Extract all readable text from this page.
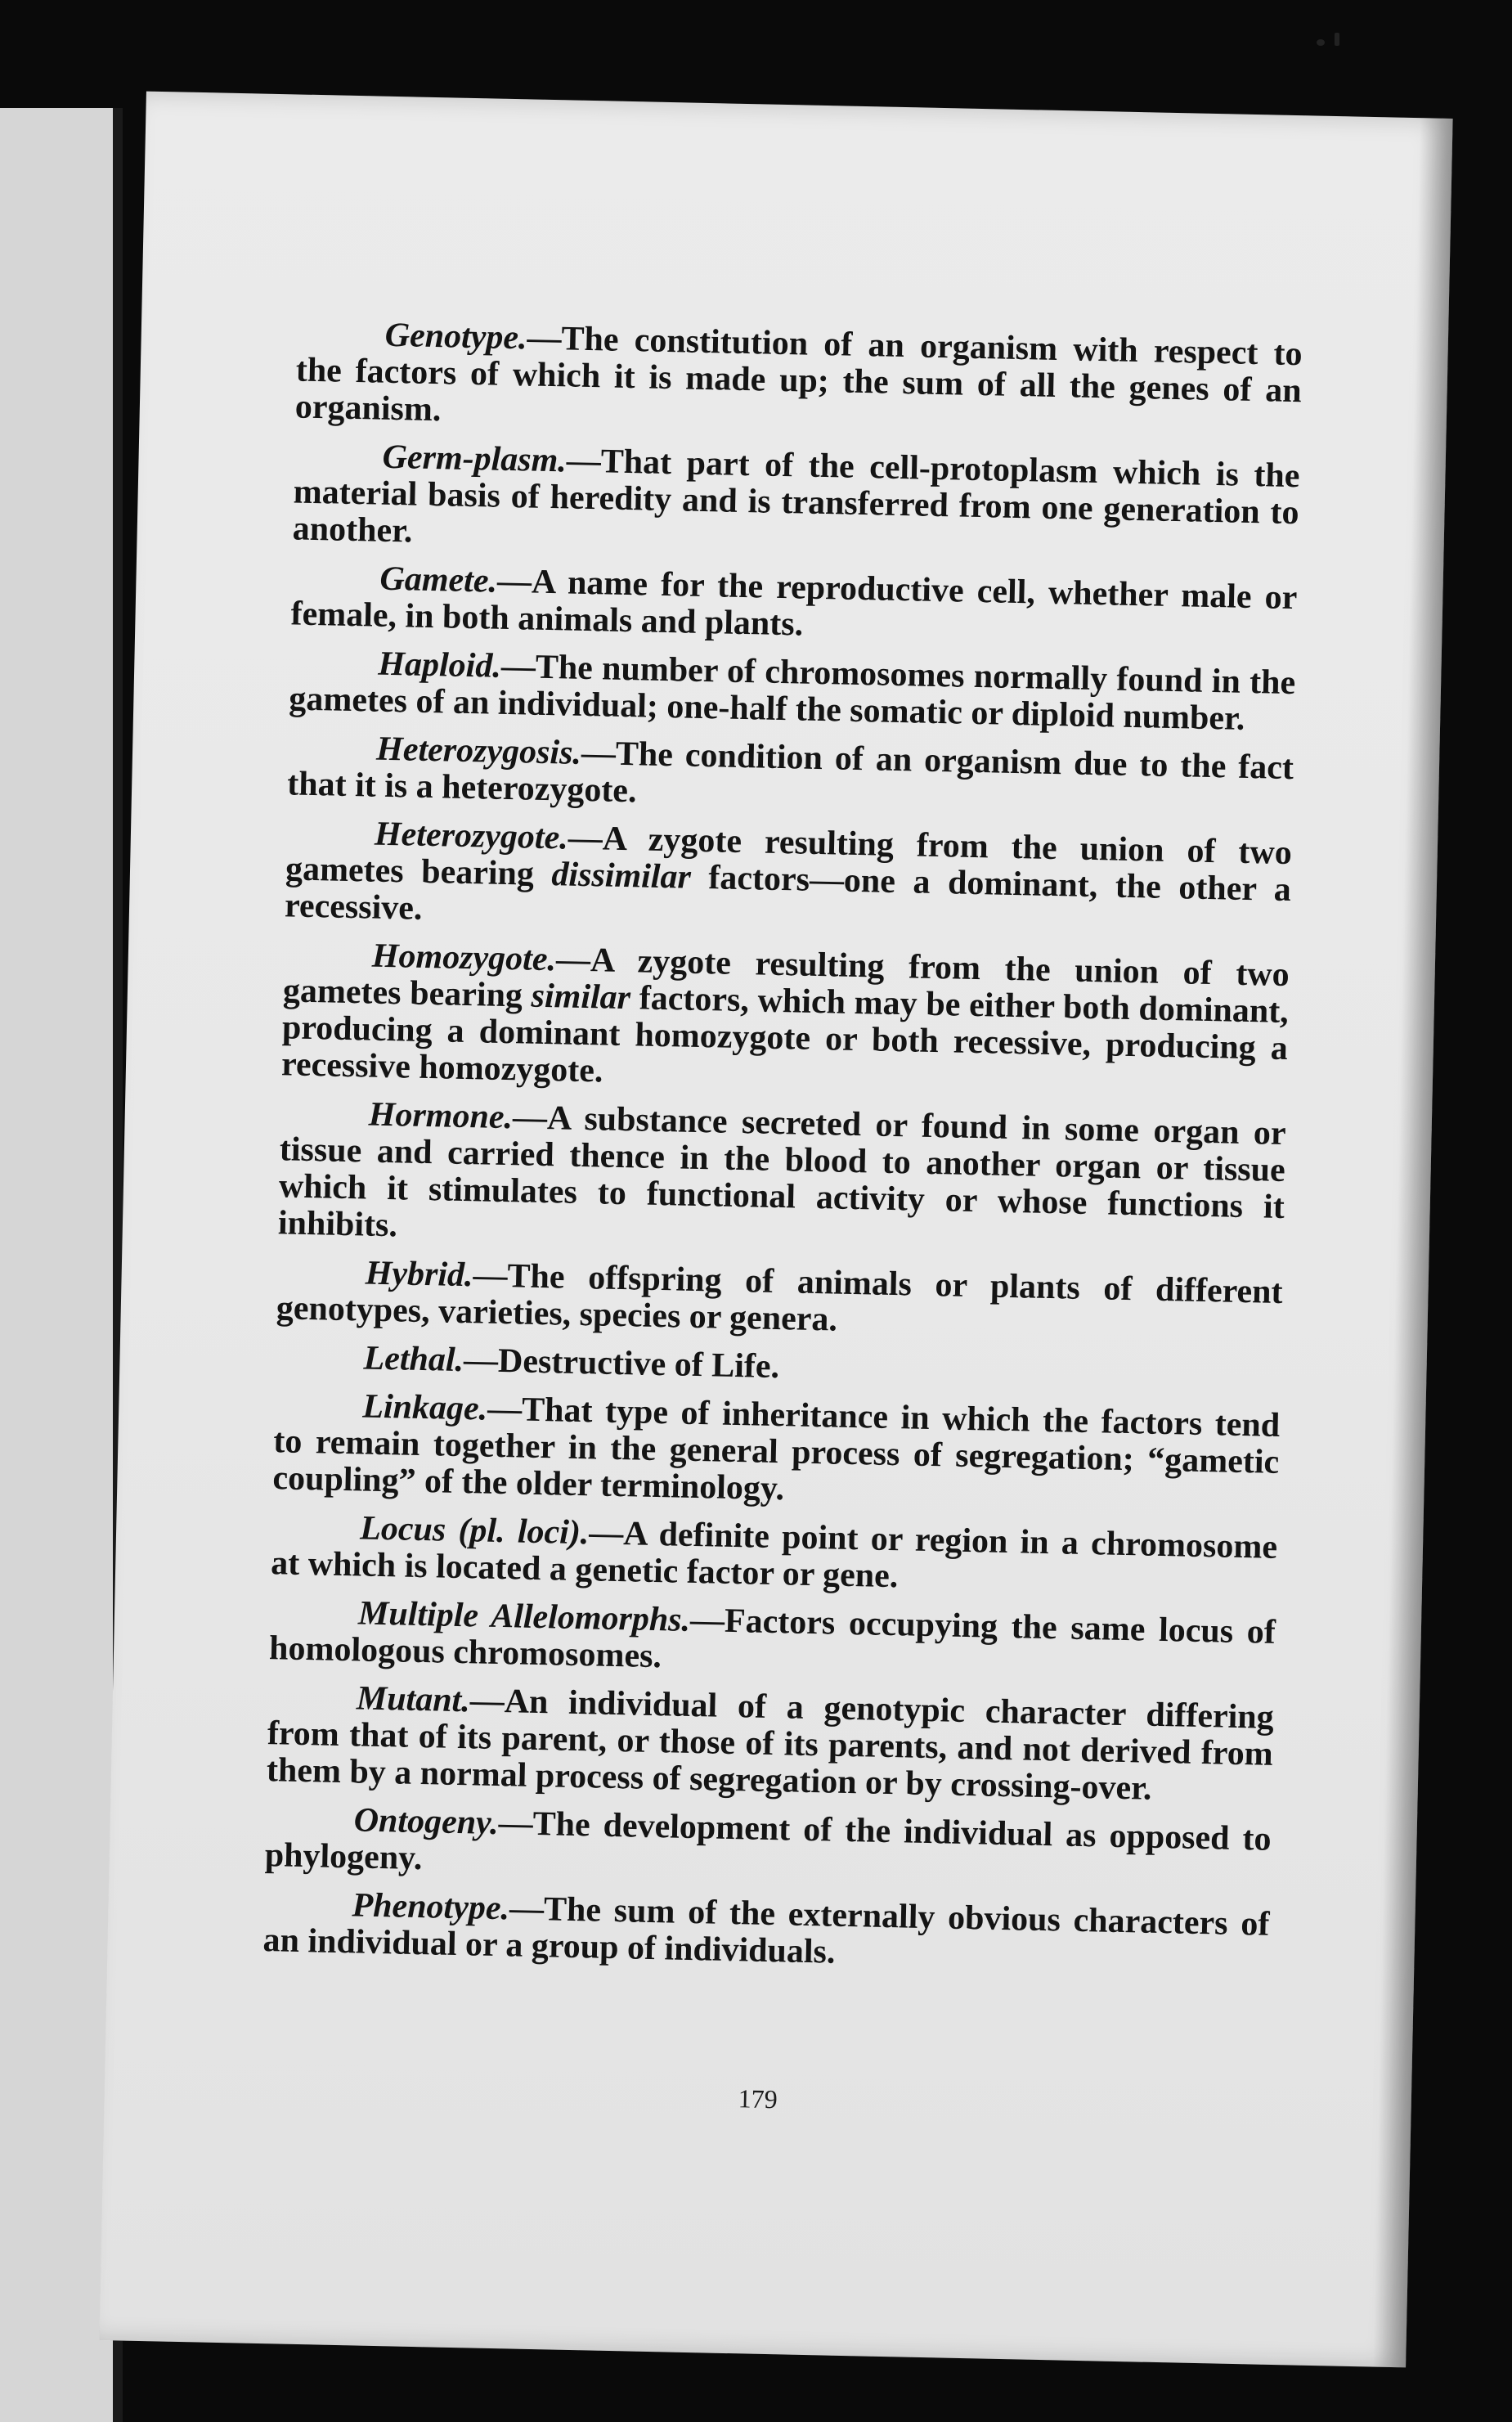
Genotype.—The constitution of an organism with respect to the factors of which it is made up; the sum of all the genes of an organism.

Germ-plasm.—That part of the cell-protoplasm which is the material basis of heredity and is transferred from one generation to another.

Gamete.—A name for the reproductive cell, whether male or female, in both animals and plants.

Haploid.—The number of chromosomes normally found in the gametes of an individual; one-half the somatic or diploid number.

Heterozygosis.—The condition of an organism due to the fact that it is a heterozygote.

Heterozygote.—A zygote resulting from the union of two gametes bearing dissimilar factors—one a dominant, the other a recessive.

Homozygote.—A zygote resulting from the union of two gametes bearing similar factors, which may be either both dominant, producing a dominant homozygote or both recessive, producing a recessive homozygote.

Hormone.—A substance secreted or found in some organ or tissue and carried thence in the blood to another organ or tissue which it stimulates to functional activity or whose functions it inhibits.

Hybrid.—The offspring of animals or plants of different genotypes, varieties, species or genera.

Lethal.—Destructive of Life.

Linkage.—That type of inheritance in which the factors tend to remain together in the general process of segregation; “gametic coupling” of the older terminology.

Locus (pl. loci).—A definite point or region in a chromosome at which is located a genetic factor or gene.

Multiple Allelomorphs.—Factors occupying the same locus of homologous chromosomes.

Mutant.—An individual of a genotypic character differing from that of its parent, or those of its parents, and not derived from them by a normal process of segregation or by crossing-over.

Ontogeny.—The development of the individual as opposed to phylogeny.

Phenotype.—The sum of the externally obvious characters of an individual or a group of individuals.

179
